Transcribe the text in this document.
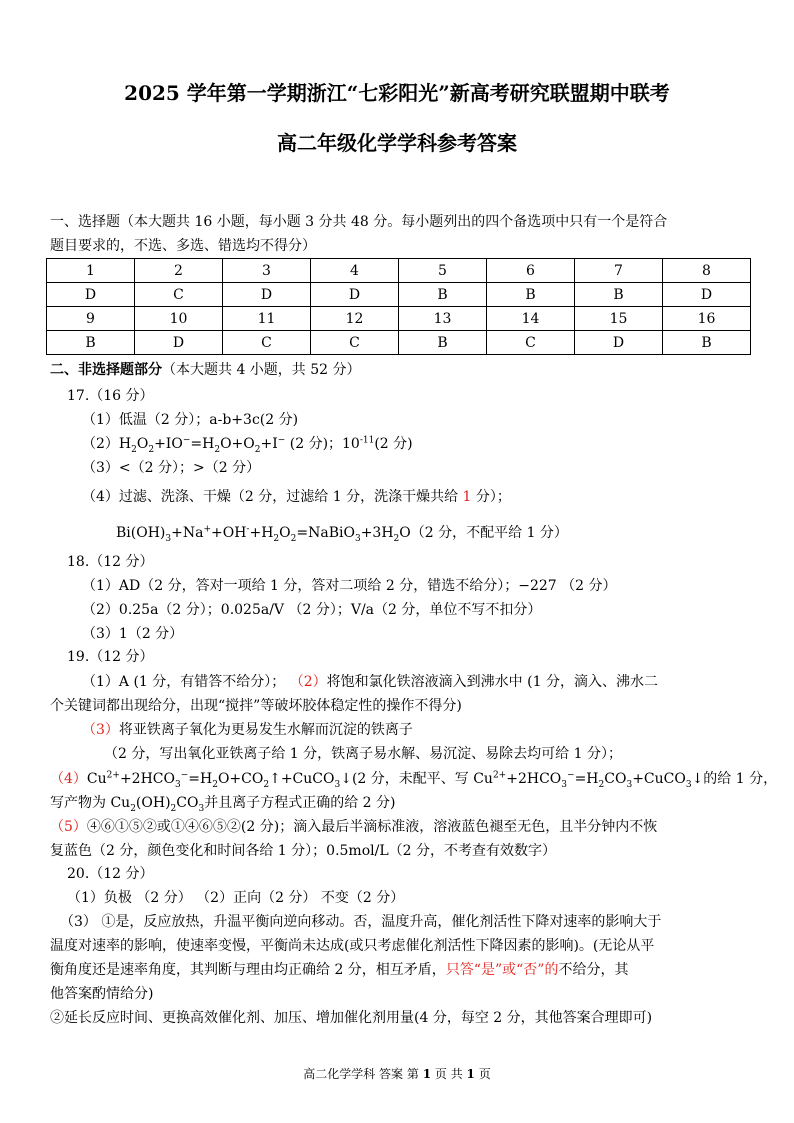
2025 学年第一学期浙江“七彩阳光”新高考研究联盟期中联考
高二年级化学学科参考答案
一、选择题（本大题共 16 小题，每小题 3 分共 48 分。每小题列出的四个备选项中只有一个是符合
题目要求的，不选、多选、错选均不得分）
1	2	3	4	5	6	7	8
D	C	D	D	B	B	B	D
9	10	11	12	13	14	15	16
B	D	C	C	B	C	D	B
二、非选择题部分（本大题共 4 小题，共 52 分）
17.（16 分）
（1）低温（2 分）；a-b+3c(2 分)
$(2)H_2O_2+IO^-=H_2O+O_2+I^-$ (2 分)；$10^{-11}(2$ 分)
（3）<（2 分）；>（2 分）
（4）过滤、洗涤、干燥（2 分，过滤给 1 分，洗涤干燥共给 1 分）；
$Bi(OH)_3+Na^++OH^-+H_2O_2=NaBiO_3+3H_2O(2$ 分，不配平给 1 分）
18.（12 分）
（1）AD（2 分，答对一项给 1 分，答对二项给 2 分，错选不给分）；−227 （2 分）
（2）0.25a（2 分）；0.025a/V （2 分）；V/a（2 分，单位不写不扣分）
（3）1（2 分）
19.（12 分）
（1）A (1 分，有错答不给分）； （2）将饱和氯化铁溶液滴入到沸水中 (1 分，滴入、沸水二
个关键词都出现给分，出现“搅拌”等破坏胶体稳定性的操作不得分)
（3）将亚铁离子氧化为更易发生水解而沉淀的铁离子
（2 分，写出氧化亚铁离子给 1 分，铁离子易水解、易沉淀、易除去均可给 1 分）；
$(4)Cu^{2+}+2HCO_3^-=H_2O+CO_2↑+CuCO_3↓(2$ 分，未配平、写 $Cu^{2+}+2HCO_3^-=H_2CO_3+CuCO_3↓$的给 1 分，
写产物为 $Cu_2(OH)_2CO_3$并且离子方程式正确的给 2 分)
（5）④⑥①⑤②或①④⑥⑤②(2 分)；滴入最后半滴标准液，溶液蓝色褪至无色，且半分钟内不恢
复蓝色（2 分，颜色变化和时间各给 1 分）；0.5mol/L（2 分，不考查有效数字）
20.（12 分）
（1）负极 （2 分） （2）正向（2 分） 不变（2 分）
（3） ①是，反应放热，升温平衡向逆向移动。否，温度升高，催化剂活性下降对速率的影响大于
温度对速率的影响，使速率变慢，平衡尚未达成(或只考虑催化剂活性下降因素的影响)。(无论从平
衡角度还是速率角度，其判断与理由均正确给 2 分，相互矛盾，只答“是”或“否”的不给分，其
他答案酌情给分)
②延长反应时间、更换高效催化剂、加压、增加催化剂用量(4 分，每空 2 分，其他答案合理即可)
高二化学学科 答案 第 1 页 共 1 页
